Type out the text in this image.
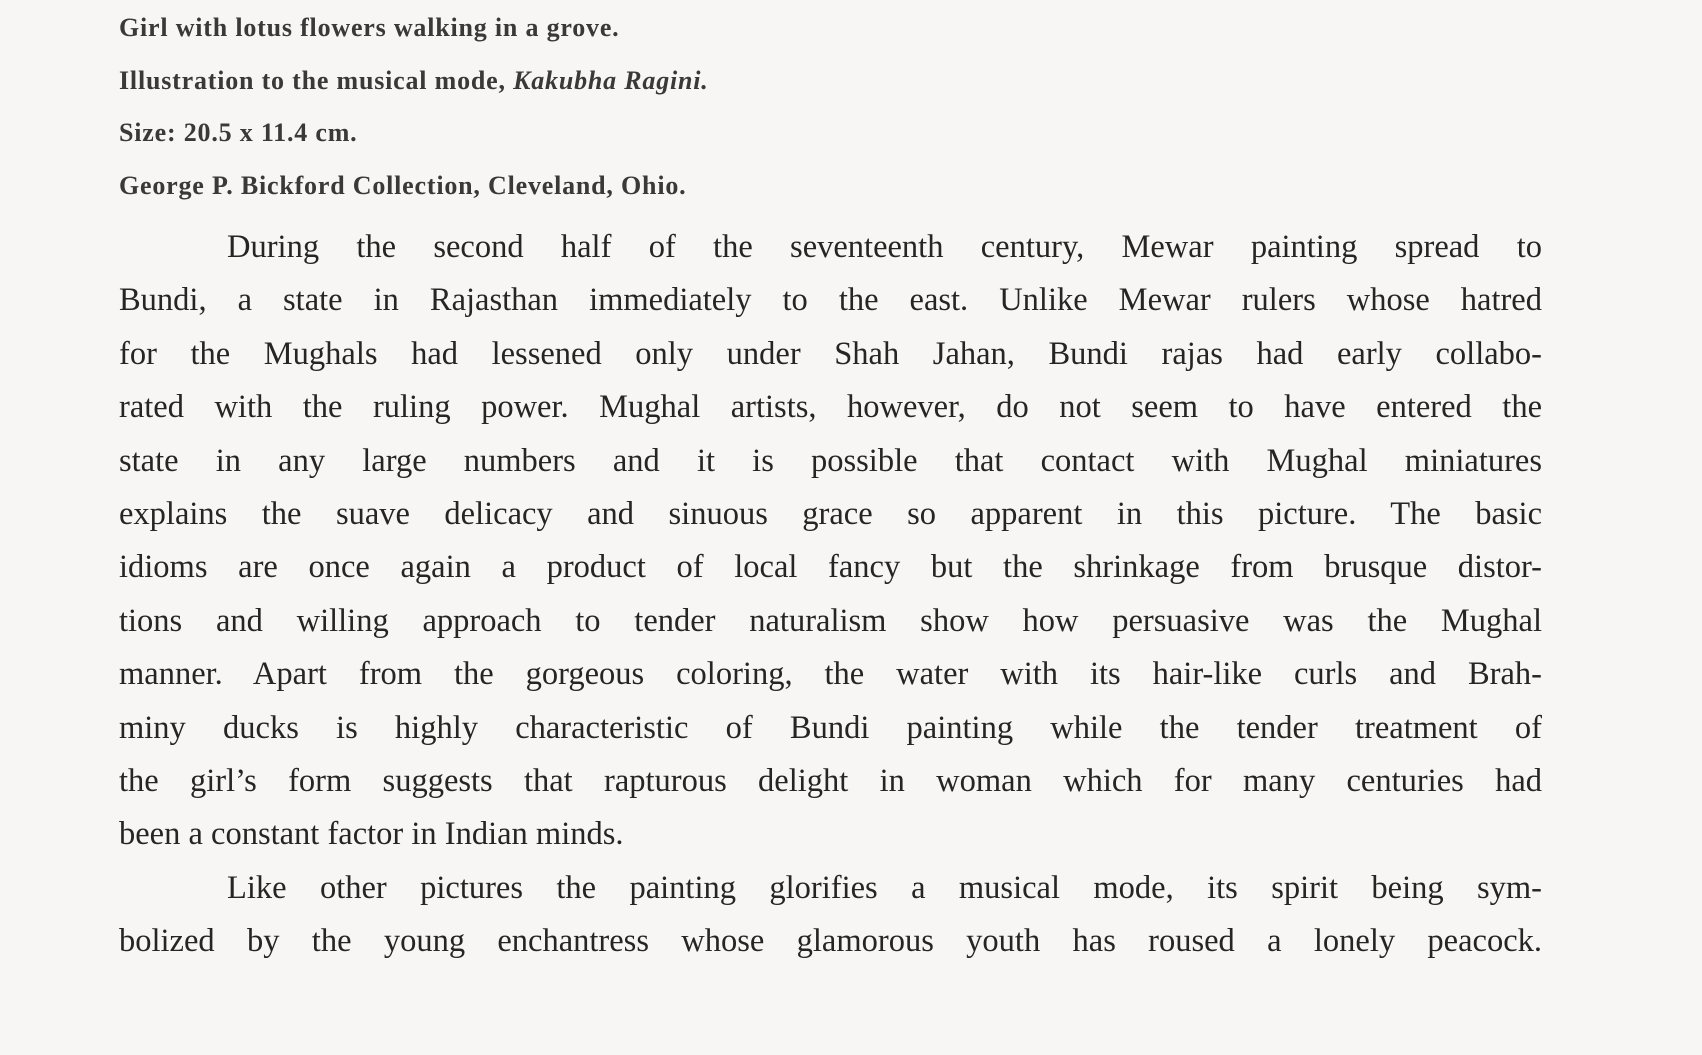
Girl with lotus flowers walking in a grove.
Illustration to the musical mode, Kakubha Ragini.
Size: 20.5 x 11.4 cm.
George P. Bickford Collection, Cleveland, Ohio.
During the second half of the seventeenth century, Mewar painting spread to
Bundi, a state in Rajasthan immediately to the east. Unlike Mewar rulers whose hatred
for the Mughals had lessened only under Shah Jahan, Bundi rajas had early collabo-
rated with the ruling power. Mughal artists, however, do not seem to have entered the
state in any large numbers and it is possible that contact with Mughal miniatures
explains the suave delicacy and sinuous grace so apparent in this picture. The basic
idioms are once again a product of local fancy but the shrinkage from brusque distor-
tions and willing approach to tender naturalism show how persuasive was the Mughal
manner. Apart from the gorgeous coloring, the water with its hair-like curls and Brah-
miny ducks is highly characteristic of Bundi painting while the tender treatment of
the girl’s form suggests that rapturous delight in woman which for many centuries had
been a constant factor in Indian minds.
Like other pictures the painting glorifies a musical mode, its spirit being sym-
bolized by the young enchantress whose glamorous youth has roused a lonely peacock.
